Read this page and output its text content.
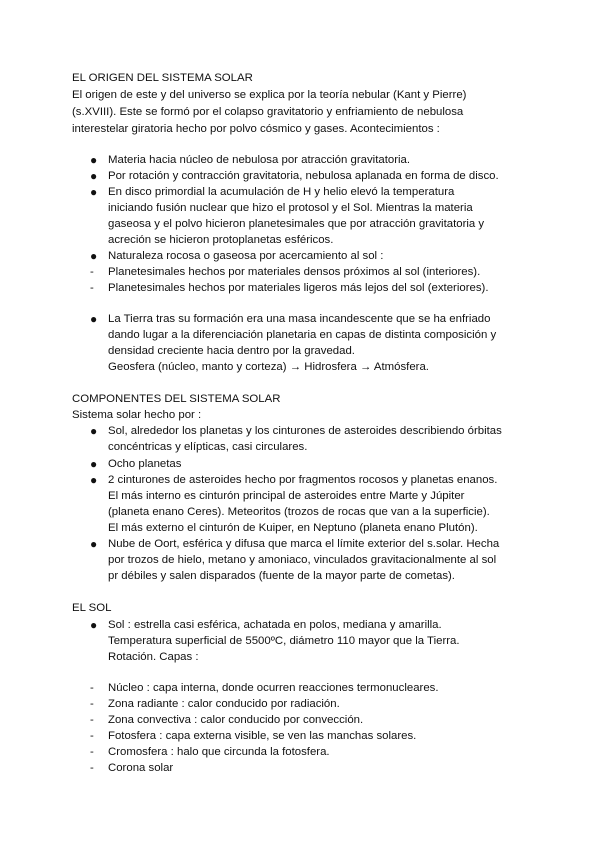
EL ORIGEN DEL SISTEMA SOLAR
El origen de este y del universo se explica por la teoría nebular (Kant y Pierre)
(s.XVIII). Este se formó por el colapso gravitatorio y enfriamiento de nebulosa
interestelar giratoria hecho por polvo cósmico y gases. Acontecimientos :
● Materia hacia núcleo de nebulosa por atracción gravitatoria.
● Por rotación y contracción gravitatoria, nebulosa aplanada en forma de disco.
● En disco primordial la acumulación de H y helio elevó la temperatura
iniciando fusión nuclear que hizo el protosol y el Sol. Mientras la materia
gaseosa y el polvo hicieron planetesimales que por atracción gravitatoria y
acreción se hicieron protoplanetas esféricos.
● Naturaleza rocosa o gaseosa por acercamiento al sol :
- Planetesimales hechos por materiales densos próximos al sol (interiores).
- Planetesimales hechos por materiales ligeros más lejos del sol (exteriores).
● La Tierra tras su formación era una masa incandescente que se ha enfriado
dando lugar a la diferenciación planetaria en capas de distinta composición y
densidad creciente hacia dentro por la gravedad.
Geosfera (núcleo, manto y corteza) → Hidrosfera → Atmósfera.
COMPONENTES DEL SISTEMA SOLAR
Sistema solar hecho por :
● Sol, alrededor los planetas y los cinturones de asteroides describiendo órbitas
concéntricas y elípticas, casi circulares.
● Ocho planetas
● 2 cinturones de asteroides hecho por fragmentos rocosos y planetas enanos.
El más interno es cinturón principal de asteroides entre Marte y Júpiter
(planeta enano Ceres). Meteoritos (trozos de rocas que van a la superficie).
El más externo el cinturón de Kuiper, en Neptuno (planeta enano Plutón).
● Nube de Oort, esférica y difusa que marca el límite exterior del s.solar. Hecha
por trozos de hielo, metano y amoniaco, vinculados gravitacionalmente al sol
pr débiles y salen disparados (fuente de la mayor parte de cometas).
EL SOL
● Sol : estrella casi esférica, achatada en polos, mediana y amarilla.
Temperatura superficial de 5500ºC, diámetro 110 mayor que la Tierra.
Rotación. Capas :
- Núcleo : capa interna, donde ocurren reacciones termonucleares.
- Zona radiante : calor conducido por radiación.
- Zona convectiva : calor conducido por convección.
- Fotosfera : capa externa visible, se ven las manchas solares.
- Cromosfera : halo que circunda la fotosfera.
- Corona solar
